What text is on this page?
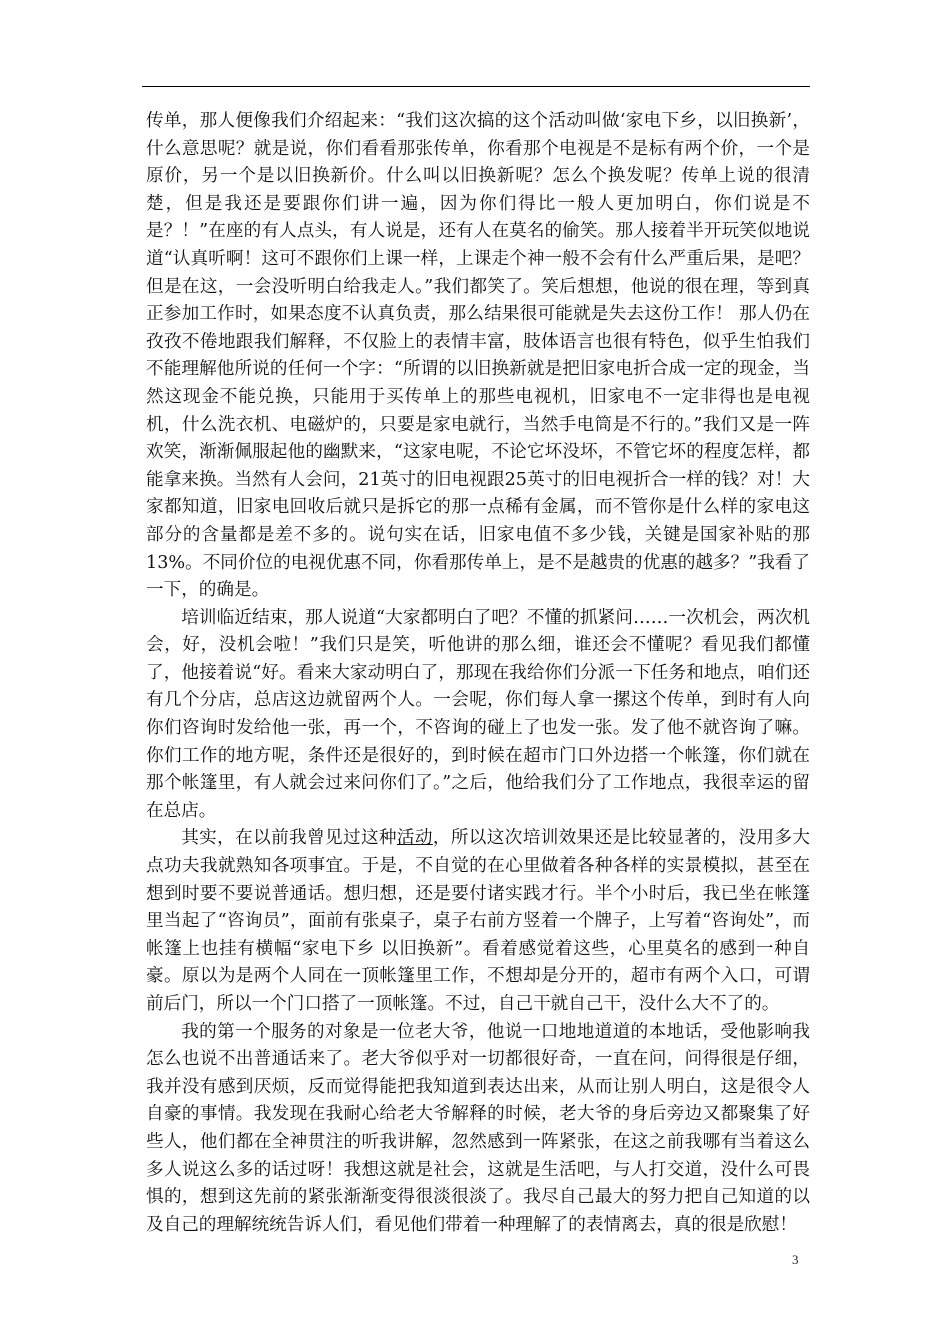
传单，那人便像我们介绍起来：“我们这次搞的这个活动叫做‘家电下乡，以旧换新’，什么意思呢？就是说，你们看看那张传单，你看那个电视是不是标有两个价，一个是原价，另一个是以旧换新价。什么叫以旧换新呢？怎么个换发呢？传单上说的很清楚，但是我还是要跟你们讲一遍，因为你们得比一般人更加明白，你们说是不是？！”在座的有人点头，有人说是，还有人在莫名的偷笑。那人接着半开玩笑似地说道“认真听啊！这可不跟你们上课一样，上课走个神一般不会有什么严重后果，是吧？但是在这，一会没听明白给我走人。”我们都笑了。笑后想想，他说的很在理，等到真正参加工作时，如果态度不认真负责，那么结果很可能就是失去这份工作！ 那人仍在孜孜不倦地跟我们解释，不仅脸上的表情丰富，肢体语言也很有特色，似乎生怕我们不能理解他所说的任何一个字：“所谓的以旧换新就是把旧家电折合成一定的现金，当然这现金不能兑换，只能用于买传单上的那些电视机，旧家电不一定非得也是电视机，什么洗衣机、电磁炉的，只要是家电就行，当然手电筒是不行的。”我们又是一阵欢笑，渐渐佩服起他的幽默来，“这家电呢，不论它坏没坏，不管它坏的程度怎样，都能拿来换。当然有人会问，21英寸的旧电视跟25英寸的旧电视折合一样的钱？对！大家都知道，旧家电回收后就只是拆它的那一点稀有金属，而不管你是什么样的家电这部分的含量都是差不多的。说句实在话，旧家电值不多少钱，关键是国家补贴的那13%。不同价位的电视优惠不同，你看那传单上，是不是越贵的优惠的越多？”我看了一下，的确是。

培训临近结束，那人说道“大家都明白了吧？不懂的抓紧问……一次机会，两次机会，好，没机会啦！”我们只是笑，听他讲的那么细，谁还会不懂呢？看见我们都懂了，他接着说“好。看来大家动明白了，那现在我给你们分派一下任务和地点，咱们还有几个分店，总店这边就留两个人。一会呢，你们每人拿一摞这个传单，到时有人向你们咨询时发给他一张，再一个，不咨询的碰上了也发一张。发了他不就咨询了嘛。你们工作的地方呢，条件还是很好的，到时候在超市门口外边搭一个帐篷，你们就在那个帐篷里，有人就会过来问你们了。”之后，他给我们分了工作地点，我很幸运的留在总店。

其实，在以前我曾见过这种活动，所以这次培训效果还是比较显著的，没用多大点功夫我就熟知各项事宜。于是，不自觉的在心里做着各种各样的实景模拟，甚至在想到时要不要说普通话。想归想，还是要付诸实践才行。半个小时后，我已坐在帐篷里当起了“咨询员”，面前有张桌子，桌子右前方竖着一个牌子，上写着“咨询处”，而帐篷上也挂有横幅“家电下乡 以旧换新”。看着感觉着这些，心里莫名的感到一种自豪。原以为是两个人同在一顶帐篷里工作，不想却是分开的，超市有两个入口，可谓前后门，所以一个门口搭了一顶帐篷。不过，自己干就自己干，没什么大不了的。

我的第一个服务的对象是一位老大爷，他说一口地地道道的本地话，受他影响我怎么也说不出普通话来了。老大爷似乎对一切都很好奇，一直在问，问得很是仔细，我并没有感到厌烦，反而觉得能把我知道到表达出来，从而让别人明白，这是很令人自豪的事情。我发现在我耐心给老大爷解释的时候，老大爷的身后旁边又都聚集了好些人，他们都在全神贯注的听我讲解，忽然感到一阵紧张，在这之前我哪有当着这么多人说这么多的话过呀！我想这就是社会，这就是生活吧，与人打交道，没什么可畏惧的，想到这先前的紧张渐渐变得很淡很淡了。我尽自己最大的努力把自己知道的以及自己的理解统统告诉人们，看见他们带着一种理解了的表情离去，真的很是欣慰！

3
